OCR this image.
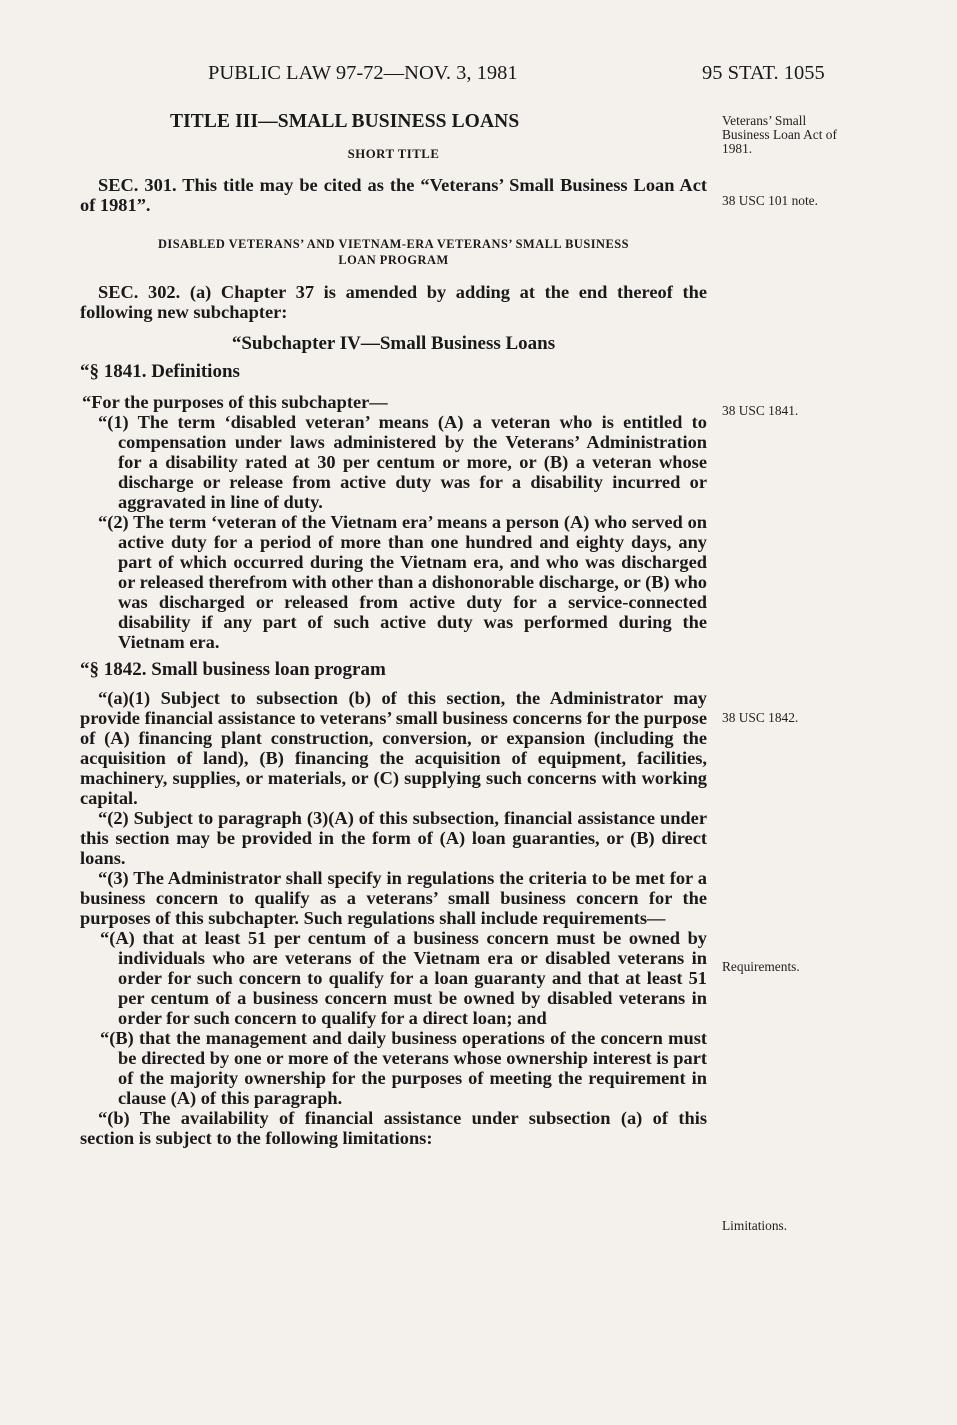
PUBLIC LAW 97-72—NOV. 3, 1981	95 STAT. 1055

TITLE III—SMALL BUSINESS LOANS

SHORT TITLE

SEC. 301. This title may be cited as the “Veterans’ Small Business Loan Act of 1981”.

DISABLED VETERANS’ AND VIETNAM-ERA VETERANS’ SMALL BUSINESS

LOAN PROGRAM

SEC. 302. (a) Chapter 37 is amended by adding at the end thereof the following new subchapter:

“Subchapter IV—Small Business Loans

“§ 1841. Definitions

“For the purposes of this subchapter—

“(1) The term ‘disabled veteran’ means (A) a veteran who is entitled to compensation under laws administered by the Veterans’ Administration for a disability rated at 30 per centum or more, or (B) a veteran whose discharge or release from active duty was for a disability incurred or aggravated in line of duty.

“(2) The term ‘veteran of the Vietnam era’ means a person (A) who served on active duty for a period of more than one hundred and eighty days, any part of which occurred during the Vietnam era, and who was discharged or released therefrom with other than a dishonorable discharge, or (B) who was discharged or released from active duty for a service-connected disability if any part of such active duty was performed during the Vietnam era.

“§ 1842. Small business loan program

“(a)(1) Subject to subsection (b) of this section, the Administrator may provide financial assistance to veterans’ small business concerns for the purpose of (A) financing plant construction, conversion, or expansion (including the acquisition of land), (B) financing the acquisition of equipment, facilities, machinery, supplies, or materials, or (C) supplying such concerns with working capital.

“(2) Subject to paragraph (3)(A) of this subsection, financial assistance under this section may be provided in the form of (A) loan guaranties, or (B) direct loans.

“(3) The Administrator shall specify in regulations the criteria to be met for a business concern to qualify as a veterans’ small business concern for the purposes of this subchapter. Such regulations shall include requirements—

“(A) that at least 51 per centum of a business concern must be owned by individuals who are veterans of the Vietnam era or disabled veterans in order for such concern to qualify for a loan guaranty and that at least 51 per centum of a business concern must be owned by disabled veterans in order for such concern to qualify for a direct loan; and

“(B) that the management and daily business operations of the concern must be directed by one or more of the veterans whose ownership interest is part of the majority ownership for the purposes of meeting the requirement in clause (A) of this paragraph.

“(b) The availability of financial assistance under subsection (a) of this section is subject to the following limitations:

Veterans’ Small Business Loan Act of 1981.
38 USC 101 note.
38 USC 1841.
38 USC 1842.
Requirements.
Limitations.
